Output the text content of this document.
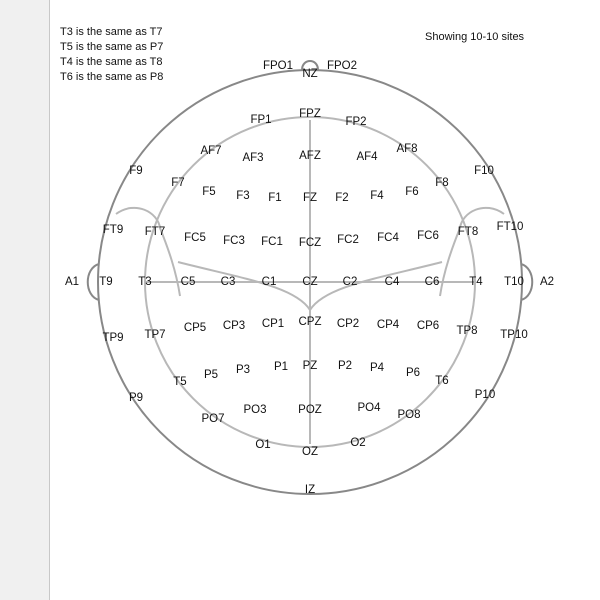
T3 is the same as T7
T5 is the same as P7
T4 is the same as T8
T6 is the same as P8
Showing 10-10 sites
FPO1
NZ
FPO2
FPZ
FP1	FP2
AF7
AF3	AFZ	AF4
AF8
F9
F7
F5 F3 F1 FZ F2 F4 F6
F8
F10
FT9 FT7 FC5 FC3 FC1 FCZ FC2 FC4 FC6 FT8 FT10
A1 T9 T3	C5 C3 C1 CZ C2 C4 C6	T4 T10 A2
TP9 TP7
CP5 CP3 CP1 CPZ CP2 CP4 CP6 TP8 TP10
P9
T5
P5 P3 P1 PZ P2 P4 P6
T6
P10
PO7
PO3	POZ	PO4
PO8
O1
OZ
O2
IZ
